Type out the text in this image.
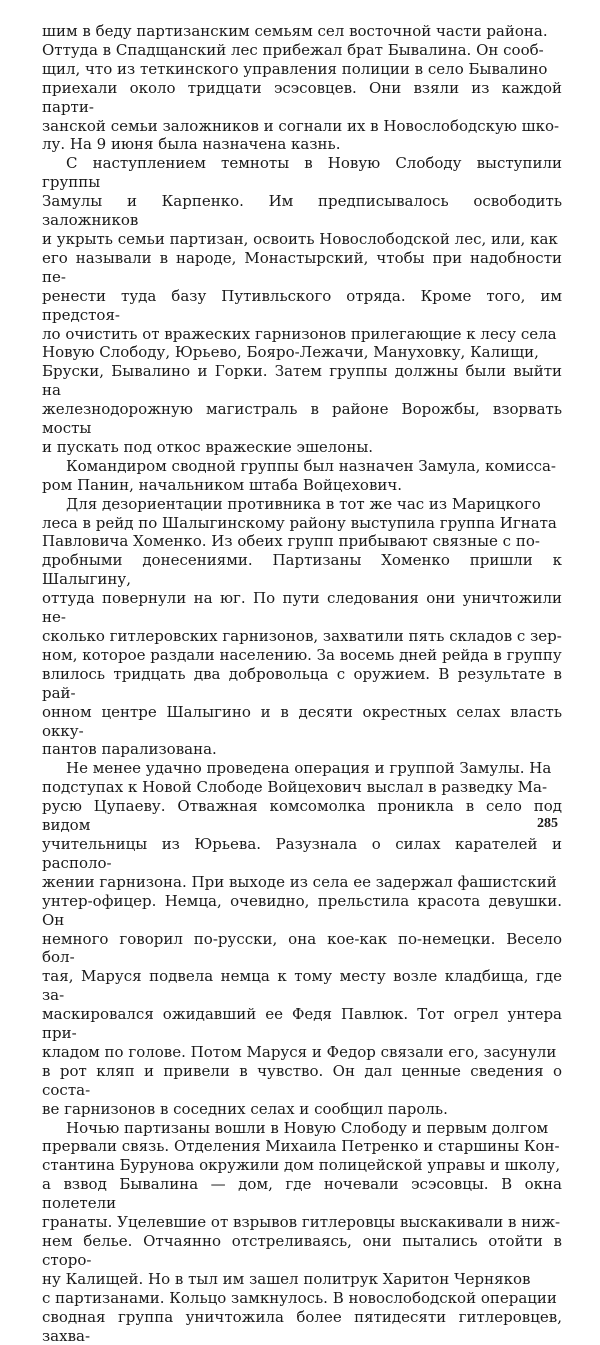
шим в беду партизанским семьям сел восточной части района.
Оттуда в Спадщанский лес прибежал брат Бывалина. Он сооб-
щил, что из теткинского управления полиции в село Бывалино
приехали около тридцати эсэсовцев. Они взяли из каждой парти-
занской семьи заложников и согнали их в Новослободскую шко-
лу. На 9 июня была назначена казнь.

С наступлением темноты в Новую Слободу выступили группы
Замулы и Карпенко. Им предписывалось освободить заложников
и укрыть семьи партизан, освоить Новослободской лес, или, как
его называли в народе, Монастырский, чтобы при надобности пе-
ренести туда базу Путивльского отряда. Кроме того, им предстоя-
ло очистить от вражеских гарнизонов прилегающие к лесу села
Новую Слободу, Юрьево, Бояро-Лежачи, Мануховку, Калищи,
Бруски, Бывалино и Горки. Затем группы должны были выйти на
железнодорожную магистраль в районе Ворожбы, взорвать мосты
и пускать под откос вражеские эшелоны.

Командиром сводной группы был назначен Замула, комисса-
ром Панин, начальником штаба Войцехович.

Для дезориентации противника в тот же час из Марицкого
леса в рейд по Шалыгинскому району выступила группа Игната
Павловича Хоменко. Из обеих групп прибывают связные с по-
дробными донесениями. Партизаны Хоменко пришли к Шалыгину,
оттуда повернули на юг. По пути следования они уничтожили не-
сколько гитлеровских гарнизонов, захватили пять складов с зер-
ном, которое раздали населению. За восемь дней рейда в группу
влилось тридцать два добровольца с оружием. В результате в рай-
онном центре Шалыгино и в десяти окрестных селах власть окку-
пантов парализована.

Не менее удачно проведена операция и группой Замулы. На
подступах к Новой Слободе Войцехович выслал в разведку Ма-
русю Цупаеву. Отважная комсомолка проникла в село под видом
учительницы из Юрьева. Разузнала о силах карателей и располо-
жении гарнизона. При выходе из села ее задержал фашистский
унтер-офицер. Немца, очевидно, прельстила красота девушки. Он
немного говорил по-русски, она кое-как по-немецки. Весело бол-
тая, Маруся подвела немца к тому месту возле кладбища, где за-
маскировался ожидавший ее Федя Павлюк. Тот огрел унтера при-
кладом по голове. Потом Маруся и Федор связали его, засунули
в рот кляп и привели в чувство. Он дал ценные сведения о соста-
ве гарнизонов в соседних селах и сообщил пароль.

Ночью партизаны вошли в Новую Слободу и первым долгом
прервали связь. Отделения Михаила Петренко и старшины Кон-
стантина Бурунова окружили дом полицейской управы и школу,
а взвод Бывалина — дом, где ночевали эсэсовцы. В окна полетели
гранаты. Уцелевшие от взрывов гитлеровцы выскакивали в ниж-
нем белье. Отчаянно отстреливаясь, они пытались отойти в сторо-
ну Калищей. Но в тыл им зашел политрук Харитон Черняков
с партизанами. Кольцо замкнулось. В новослободской операции
сводная группа уничтожила более пятидесяти гитлеровцев, захва-

285
